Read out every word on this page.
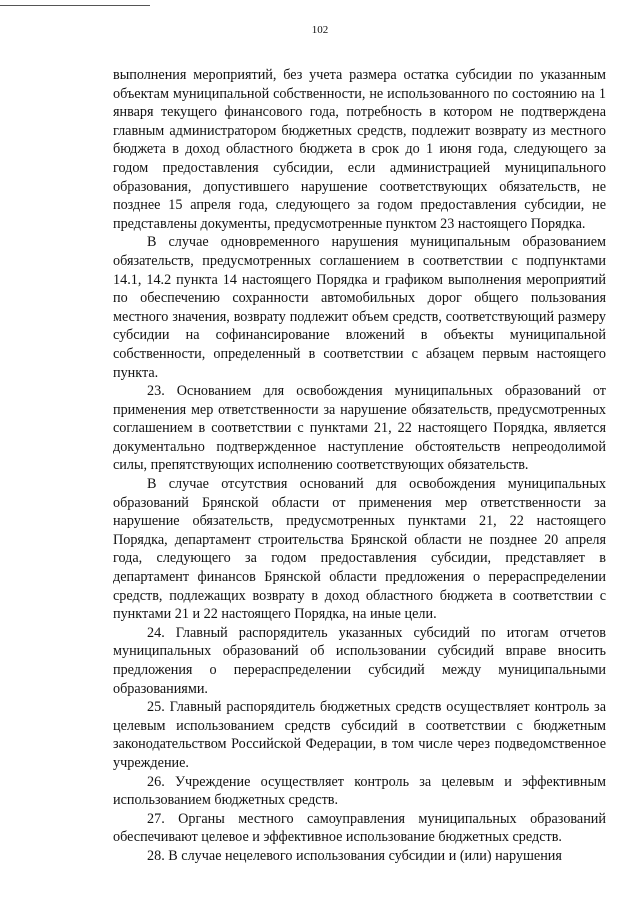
102

выполнения мероприятий, без учета размера остатка субсидии по указанным объектам муниципальной собственности, не использованного по состоянию на 1 января текущего финансового года, потребность в котором не подтверждена главным администратором бюджетных средств, подлежит возврату из местного бюджета в доход областного бюджета в срок до 1 июня года, следующего за годом предоставления субсидии, если администрацией муниципального образования, допустившего нарушение соответствующих обязательств, не позднее 15 апреля года, следующего за годом предоставления субсидии, не представлены документы, предусмотренные пунктом 23 настоящего Порядка.

В случае одновременного нарушения муниципальным образованием обязательств, предусмотренных соглашением в соответствии с подпунктами 14.1, 14.2 пункта 14 настоящего Порядка и графиком выполнения мероприятий по обеспечению сохранности автомобильных дорог общего пользования местного значения, возврату подлежит объем средств, соответствующий размеру субсидии на софинансирование вложений в объекты муниципальной собственности, определенный в соответствии с абзацем первым настоящего пункта.

23. Основанием для освобождения муниципальных образований от применения мер ответственности за нарушение обязательств, предусмотренных соглашением в соответствии с пунктами 21, 22 настоящего Порядка, является документально подтвержденное наступление обстоятельств непреодолимой силы, препятствующих исполнению соответствующих обязательств.

В случае отсутствия оснований для освобождения муниципальных образований Брянской области от применения мер ответственности за нарушение обязательств, предусмотренных пунктами 21, 22 настоящего Порядка, департамент строительства Брянской области не позднее 20 апреля года, следующего за годом предоставления субсидии, представляет в департамент финансов Брянской области предложения о перераспределении средств, подлежащих возврату в доход областного бюджета в соответствии с пунктами 21 и 22 настоящего Порядка, на иные цели.

24. Главный распорядитель указанных субсидий по итогам отчетов муниципальных образований об использовании субсидий вправе вносить предложения о перераспределении субсидий между муниципальными образованиями.

25. Главный распорядитель бюджетных средств осуществляет контроль за целевым использованием средств субсидий в соответствии с бюджетным законодательством Российской Федерации, в том числе через подведомственное учреждение.

26. Учреждение осуществляет контроль за целевым и эффективным использованием бюджетных средств.

27. Органы местного самоуправления муниципальных образований обеспечивают целевое и эффективное использование бюджетных средств.

28. В случае нецелевого использования субсидии и (или) нарушения
